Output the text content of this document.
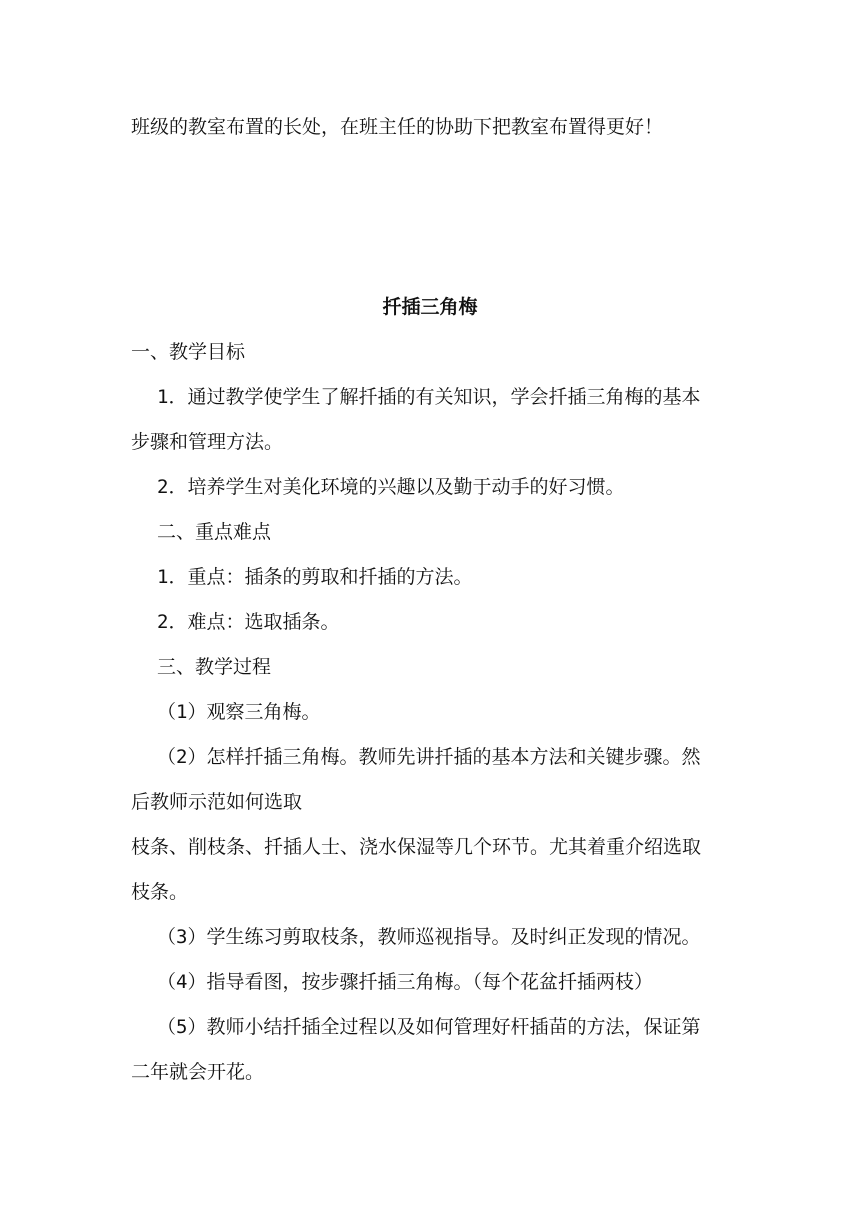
班级的教室布置的长处，在班主任的协助下把教室布置得更好！
扦插三角梅
一、教学目标
1．通过教学使学生了解扦插的有关知识，学会扦插三角梅的基本
步骤和管理方法。
2．培养学生对美化环境的兴趣以及勤于动手的好习惯。
二、重点难点
1．重点：插条的剪取和扦插的方法。
2．难点：选取插条。
三、教学过程
（1）观察三角梅。
（2）怎样扦插三角梅。教师先讲扦插的基本方法和关键步骤。然
后教师示范如何选取
枝条、削枝条、扦插人士、浇水保湿等几个环节。尤其着重介绍选取
枝条。
（3）学生练习剪取枝条，教师巡视指导。及时纠正发现的情况。
（4）指导看图，按步骤扦插三角梅。（每个花盆扦插两枝）
（5）教师小结扦插全过程以及如何管理好杆插苗的方法，保证第
二年就会开花。
